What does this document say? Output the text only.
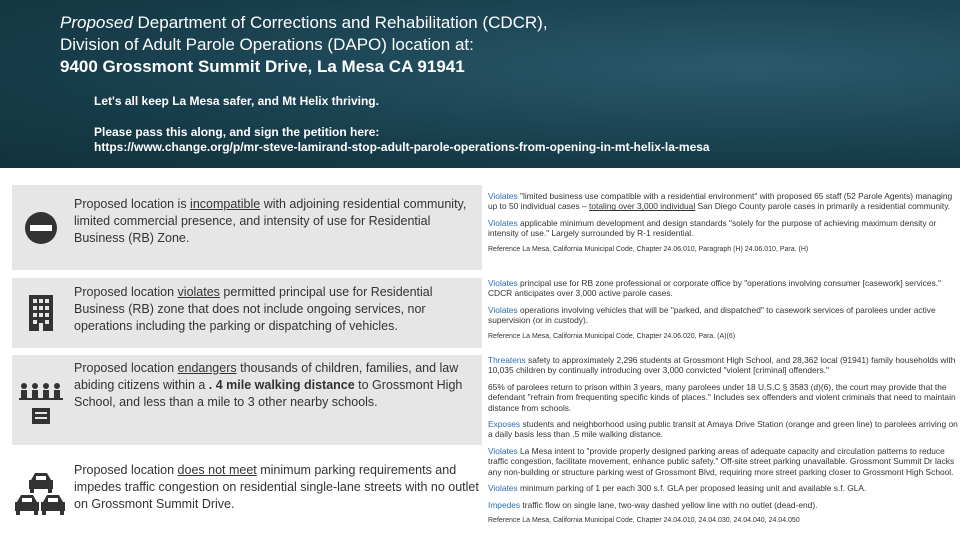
Proposed Department of Corrections and Rehabilitation (CDCR),
Division of Adult Parole Operations (DAPO) location at:
9400 Grossmont Summit Drive, La Mesa CA 91941
Let's all keep La Mesa safer, and Mt Helix thriving.
Please pass this along, and sign the petition here:
https://www.change.org/p/mr-steve-lamirand-stop-adult-parole-operations-from-opening-in-mt-helix-la-mesa
Proposed location is incompatible with adjoining residential community, limited commercial presence, and intensity of use for Residential Business (RB) Zone.

Violates "limited business use compatible with a residential environment" with proposed 65 staff (52 Parole Agents) managing up to 50 individual cases – totaling over 3,000 individual San Diego County parole cases in primarily a residential community.

Violates applicable minimum development and design standards "solely for the purpose of achieving maximum density or intensity of use." Largely surrounded by R-1 residential.

Reference La Mesa, California Municipal Code, Chapter 24.06.010, Paragraph (H) 24.06.010, Para. (H)
Proposed location violates permitted principal use for Residential Business (RB) zone that does not include ongoing services, nor operations including the parking or dispatching of vehicles.

Violates principal use for RB zone professional or corporate office by "operations involving consumer [casework] services." CDCR anticipates over 3,000 active parole cases.

Violates operations involving vehicles that will be "parked, and dispatched" to casework services of parolees under active supervision (or in custody).

Reference La Mesa, California Municipal Code, Chapter 24.06.020, Para. (A)(6)
Proposed location endangers thousands of children, families, and law abiding citizens within a . 4 mile walking distance to Grossmont High School, and less than a mile to 3 other nearby schools.

Threatens safety to approximately 2,296 students at Grossmont High School, and 28,362 local (91941) family households with 10,035 children by continually introducing over 3,000 convicted "violent [criminal] offenders."

65% of parolees return to prison within 3 years, many parolees under 18 U.S.C § 3583 (d)(6), the court may provide that the defendant "refrain from frequenting specific kinds of places." Includes sex offenders and violent criminals that need to maintain distance from schools.

Exposes students and neighborhood using public transit at Amaya Drive Station (orange and green line) to parolees arriving on a daily basis less than .5 mile walking distance.

Proposed location does not meet minimum parking requirements and impedes traffic congestion on residential single-lane streets with no outlet on Grossmont Summit Drive.

Violates La Mesa intent to "provide properly designed parking areas of adequate capacity and circulation patterns to reduce traffic congestion, facilitate movement, enhance public safety." Off-site street parking unavailable. Grossmont Summit Dr lacks any non-building or structure parking west of Grossmont Blvd, requiring more street parking closer to Grossmont High School.

Violates minimum parking of 1 per each 300 s.f. GLA per proposed leasing unit and available s.f. GLA.

Impedes traffic flow on single lane, two-way dashed yellow line with no outlet (dead-end).

Reference La Mesa, California Municipal Code, Chapter 24.04.010, 24.04.030, 24.04.040, 24.04.050
